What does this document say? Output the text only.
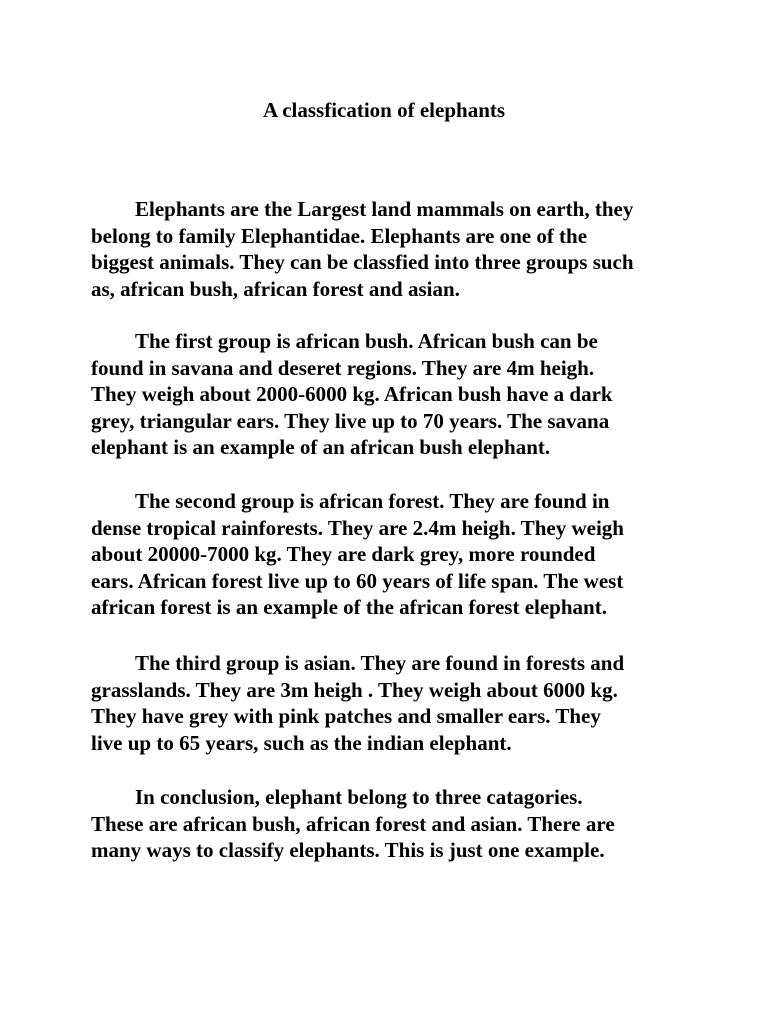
A classfication of elephants

Elephants are the Largest land mammals on earth, they
belong to family Elephantidae. Elephants are one of the
biggest animals. They can be classfied into three groups such
as, african bush, african forest and asian.

The first group is african bush. African bush can be
found in savana and deseret regions. They are 4m heigh.
They weigh about 2000-6000 kg. African bush have a dark
grey, triangular ears. They live up to 70 years. The savana
elephant is an example of an african bush elephant.

The second group is african forest. They are found in
dense tropical rainforests. They are 2.4m heigh. They weigh
about 20000-7000 kg. They are dark grey, more rounded
ears. African forest live up to 60 years of life span. The west
african forest is an example of the african forest elephant.

The third group is asian. They are found in forests and
grasslands. They are 3m heigh . They weigh about 6000 kg.
They have grey with pink patches and smaller ears. They
live up to 65 years, such as the indian elephant.

In conclusion, elephant belong to three catagories.
These are african bush, african forest and asian. There are
many ways to classify elephants. This is just one example.
